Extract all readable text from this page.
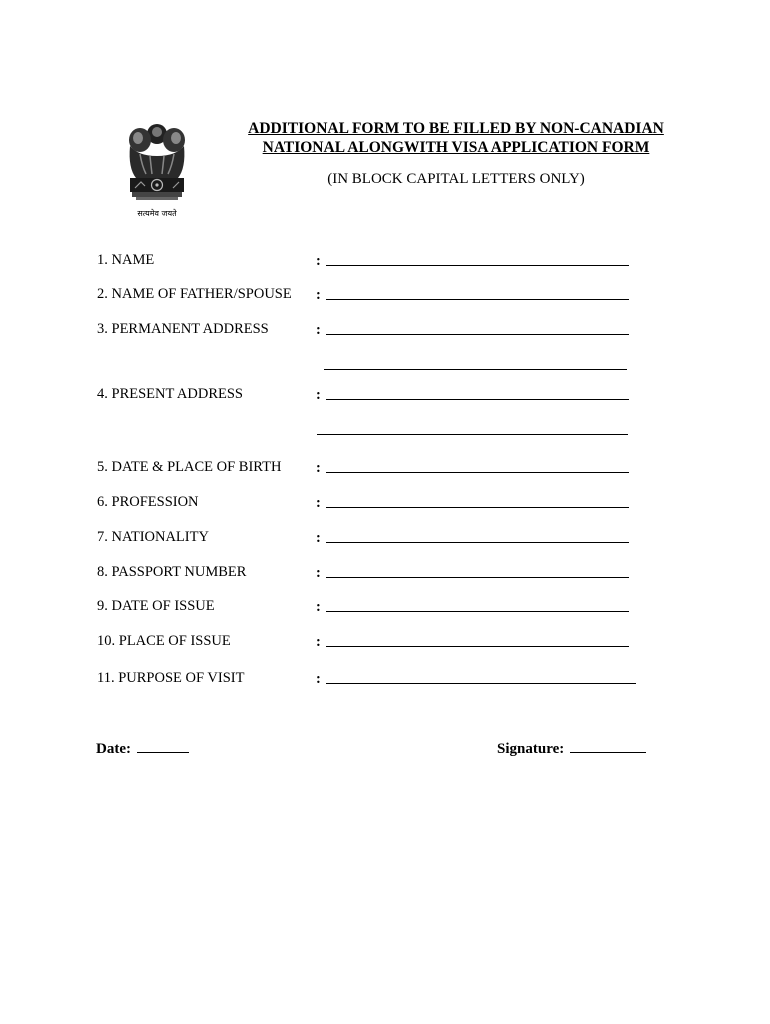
सत्यमेव जयते
ADDITIONAL FORM TO BE FILLED BY NON-CANADIAN
NATIONAL ALONGWITH VISA APPLICATION FORM
(IN BLOCK CAPITAL LETTERS ONLY)
1. NAME	:
2. NAME OF FATHER/SPOUSE :
3. PERMANENT ADDRESS	:
4. PRESENT ADDRESS	:
5. DATE & PLACE OF BIRTH :
6. PROFESSION	:
7. NATIONALITY	:
8. PASSPORT NUMBER	:
9. DATE OF ISSUE	:
10. PLACE OF ISSUE	:
11. PURPOSE OF VISIT	:
Date:	Signature:
